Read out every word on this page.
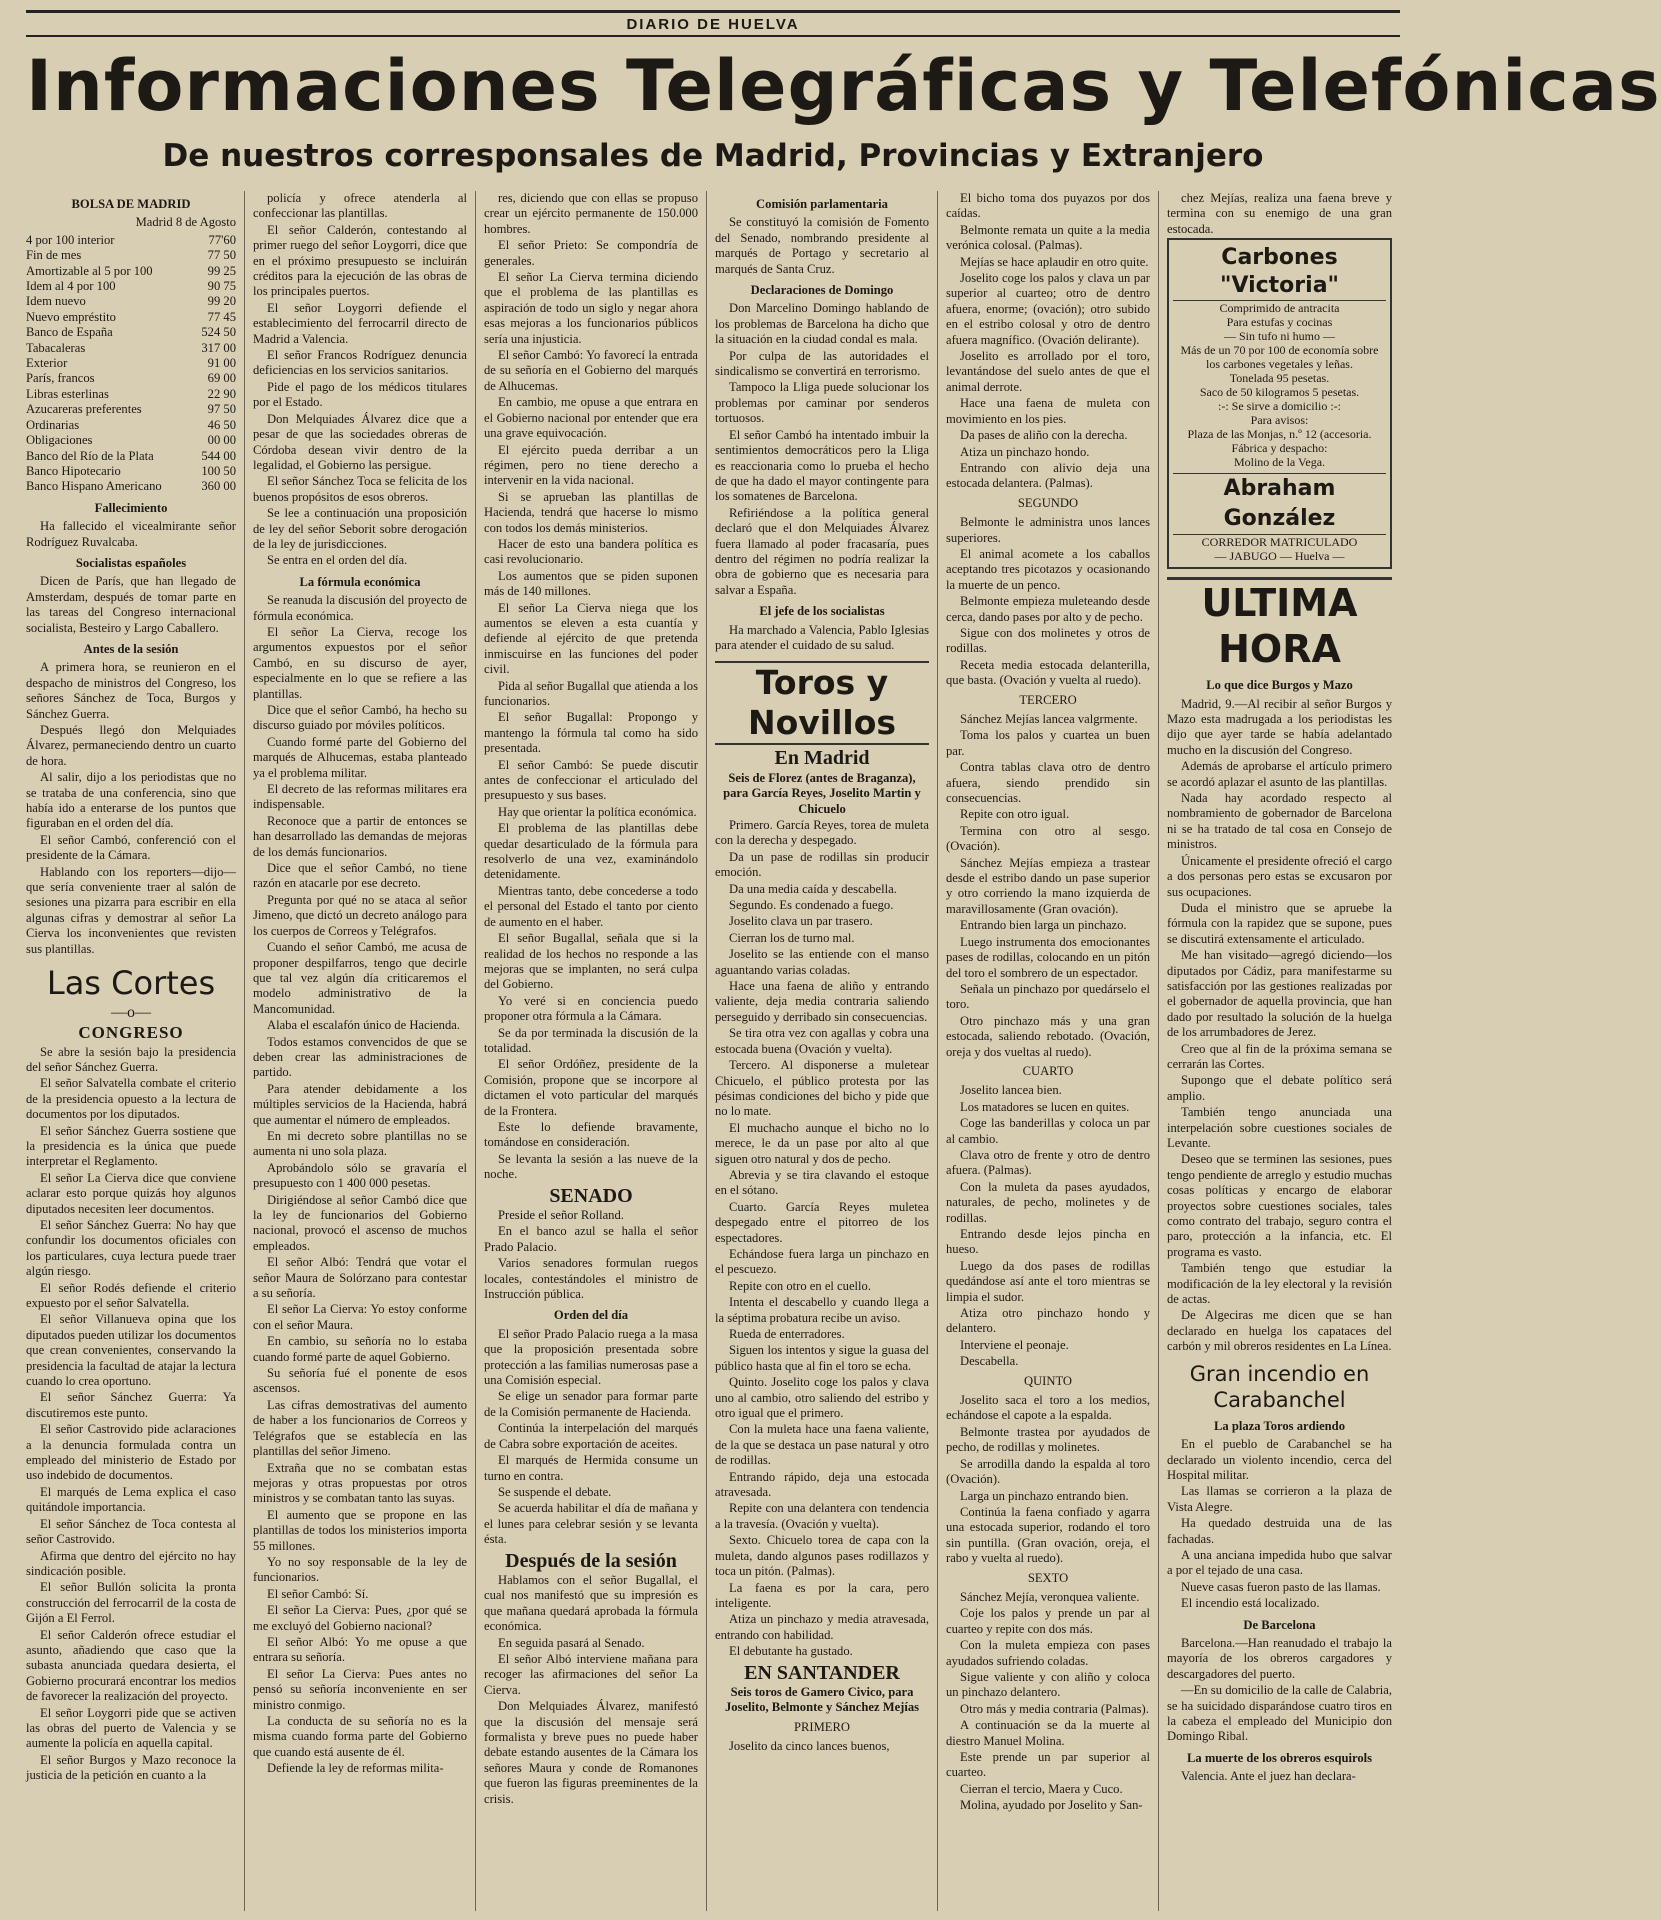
DIARIO DE HUELVA
Informaciones Telegráficas y Telefónicas
De nuestros corresponsales de Madrid, Provincias y Extranjero
BOLSA DE MADRID
Madrid 8 de Agosto
4 por 100 interior	77'60
Fin de mes	77 50
Amortizable al 5 por 100	99 25
Idem al 4 por 100	90 75
Idem nuevo	99 20
Nuevo empréstito	77 45
Banco de España	524 50
Tabacaleras	317 00
Exterior	91 00
París, francos	69 00
Libras esterlinas	22 90
Azucareras preferentes	97 50
Ordinarias	46 50
Obligaciones	00 00
Banco del Río de la Plata	544 00
Banco Hipotecario	100 50
Banco Hispano Americano	360 00
Fallecimiento

Ha fallecido el vicealmirante señor Rodríguez Ruvalcaba.

Socialistas españoles

Dicen de París, que han llegado de Amsterdam, después de tomar parte en las tareas del Congreso internacional socialista, Besteiro y Largo Caballero.

Antes de la sesión

A primera hora, se reunieron en el despacho de ministros del Congreso, los señores Sánchez de Toca, Burgos y Sánchez Guerra.

Después llegó don Melquiades Álvarez, permaneciendo dentro un cuarto de hora.

Al salir, dijo a los periodistas que no se trataba de una conferencia, sino que había ido a enterarse de los puntos que figuraban en el orden del día.

El señor Cambó, conferenció con el presidente de la Cámara.

Hablando con los reporters—dijo—que sería conveniente traer al salón de sesiones una pizarra para escribir en ella algunas cifras y demostrar al señor La Cierva los inconvenientes que revisten sus plantillas.

Las Cortes
—o—
CONGRESO

Se abre la sesión bajo la presidencia del señor Sánchez Guerra.

El señor Salvatella combate el criterio de la presidencia opuesto a la lectura de documentos por los diputados.

El señor Sánchez Guerra sostiene que la presidencia es la única que puede interpretar el Reglamento.

El señor La Cierva dice que conviene aclarar esto porque quizás hoy algunos diputados necesiten leer documentos.

El señor Sánchez Guerra: No hay que confundir los documentos oficiales con los particulares, cuya lectura puede traer algún riesgo.

El señor Rodés defiende el criterio expuesto por el señor Salvatella.

El señor Villanueva opina que los diputados pueden utilizar los documentos que crean convenientes, conservando la presidencia la facultad de atajar la lectura cuando lo crea oportuno.

El señor Sánchez Guerra: Ya discutiremos este punto.

El señor Castrovido pide aclaraciones a la denuncia formulada contra un empleado del ministerio de Estado por uso indebido de documentos.

El marqués de Lema explica el caso quitándole importancia.

El señor Sánchez de Toca contesta al señor Castrovido.

Afirma que dentro del ejército no hay sindicación posible.

El señor Bullón solicita la pronta construcción del ferrocarril de la costa de Gijón a El Ferrol.

El señor Calderón ofrece estudiar el asunto, añadiendo que caso que la subasta anunciada quedara desierta, el Gobierno procurará encontrar los medios de favorecer la realización del proyecto.

El señor Loygorri pide que se activen las obras del puerto de Valencia y se aumente la policía en aquella capital.

El señor Burgos y Mazo reconoce la justicia de la petición en cuanto a la

policía y ofrece atenderla al confeccionar las plantillas.

El señor Calderón, contestando al primer ruego del señor Loygorri, dice que en el próximo presupuesto se incluirán créditos para la ejecución de las obras de los principales puertos.

El señor Loygorri defiende el establecimiento del ferrocarril directo de Madrid a Valencia.

El señor Francos Rodríguez denuncia deficiencias en los servicios sanitarios.

Pide el pago de los médicos titulares por el Estado.

Don Melquiades Álvarez dice que a pesar de que las sociedades obreras de Córdoba desean vivir dentro de la legalidad, el Gobierno las persigue.

El señor Sánchez Toca se felicita de los buenos propósitos de esos obreros.

Se lee a continuación una proposición de ley del señor Seborit sobre derogación de la ley de jurisdicciones.

Se entra en el orden del día.

La fórmula económica

Se reanuda la discusión del proyecto de fórmula económica.

El señor La Cierva, recoge los argumentos expuestos por el señor Cambó, en su discurso de ayer, especialmente en lo que se refiere a las plantillas.

Dice que el señor Cambó, ha hecho su discurso guiado por móviles políticos.

Cuando formé parte del Gobierno del marqués de Alhucemas, estaba planteado ya el problema militar.

El decreto de las reformas militares era indispensable.

Reconoce que a partir de entonces se han desarrollado las demandas de mejoras de los demás funcionarios.

Dice que el señor Cambó, no tiene razón en atacarle por ese decreto.

Pregunta por qué no se ataca al señor Jimeno, que dictó un decreto análogo para los cuerpos de Correos y Telégrafos.

Cuando el señor Cambó, me acusa de proponer despilfarros, tengo que decirle que tal vez algún día criticaremos el modelo administrativo de la Mancomunidad.

Alaba el escalafón único de Hacienda.

Todos estamos convencidos de que se deben crear las administraciones de partido.

Para atender debidamente a los múltiples servicios de la Hacienda, habrá que aumentar el número de empleados.

En mi decreto sobre plantillas no se aumenta ni uno sola plaza.

Aprobándolo sólo se gravaría el presupuesto con 1 400 000 pesetas.

Dirigiéndose al señor Cambó dice que la ley de funcionarios del Gobierno nacional, provocó el ascenso de muchos empleados.

El señor Albó: Tendrá que votar el señor Maura de Solórzano para contestar a su señoría.

El señor La Cierva: Yo estoy conforme con el señor Maura.

En cambio, su señoría no lo estaba cuando formé parte de aquel Gobierno.

Su señoría fué el ponente de esos ascensos.

Las cifras demostrativas del aumento de haber a los funcionarios de Correos y Telégrafos que se establecía en las plantillas del señor Jimeno.

Extraña que no se combatan estas mejoras y otras propuestas por otros ministros y se combatan tanto las suyas.

El aumento que se propone en las plantillas de todos los ministerios importa 55 millones.

Yo no soy responsable de la ley de funcionarios.

El señor Cambó: Sí.

El señor La Cierva: Pues, ¿por qué se me excluyó del Gobierno nacional?

El señor Albó: Yo me opuse a que entrara su señoría.

El señor La Cierva: Pues antes no pensó su señoría inconveniente en ser ministro conmigo.

La conducta de su señoría no es la misma cuando forma parte del Gobierno que cuando está ausente de él.

Defiende la ley de reformas milita-

res, diciendo que con ellas se propuso crear un ejército permanente de 150.000 hombres.

El señor Prieto: Se compondría de generales.

El señor La Cierva termina diciendo que el problema de las plantillas es aspiración de todo un siglo y negar ahora esas mejoras a los funcionarios públicos sería una injusticia.

El señor Cambó: Yo favorecí la entrada de su señoría en el Gobierno del marqués de Alhucemas.

En cambio, me opuse a que entrara en el Gobierno nacional por entender que era una grave equivocación.

El ejército pueda derribar a un régimen, pero no tiene derecho a intervenir en la vida nacional.

Si se aprueban las plantillas de Hacienda, tendrá que hacerse lo mismo con todos los demás ministerios.

Hacer de esto una bandera política es casi revolucionario.

Los aumentos que se piden suponen más de 140 millones.

El señor La Cierva niega que los aumentos se eleven a esta cuantía y defiende al ejército de que pretenda inmiscuirse en las funciones del poder civil.

Pida al señor Bugallal que atienda a los funcionarios.

El señor Bugallal: Propongo y mantengo la fórmula tal como ha sido presentada.

El señor Cambó: Se puede discutir antes de confeccionar el articulado del presupuesto y sus bases.

Hay que orientar la política económica.

El problema de las plantillas debe quedar desarticulado de la fórmula para resolverlo de una vez, examinándolo detenidamente.

Mientras tanto, debe concederse a todo el personal del Estado el tanto por ciento de aumento en el haber.

El señor Bugallal, señala que si la realidad de los hechos no responde a las mejoras que se implanten, no será culpa del Gobierno.

Yo veré si en conciencia puedo proponer otra fórmula a la Cámara.

Se da por terminada la discusión de la totalidad.

El señor Ordóñez, presidente de la Comisión, propone que se incorpore al dictamen el voto particular del marqués de la Frontera.

Este lo defiende bravamente, tomándose en consideración.

Se levanta la sesión a las nueve de la noche.

SENADO

Preside el señor Rolland.

En el banco azul se halla el señor Prado Palacio.

Varios senadores formulan ruegos locales, contestándoles el ministro de Instrucción pública.

Orden del día

El señor Prado Palacio ruega a la masa que la proposición presentada sobre protección a las familias numerosas pase a una Comisión especial.

Se elige un senador para formar parte de la Comisión permanente de Hacienda.

Continúa la interpelación del marqués de Cabra sobre exportación de aceites.

El marqués de Hermida consume un turno en contra.

Se suspende el debate.

Se acuerda habilitar el día de mañana y el lunes para celebrar sesión y se levanta ésta.

Después de la sesión

Hablamos con el señor Bugallal, el cual nos manifestó que su impresión es que mañana quedará aprobada la fórmula económica.

En seguida pasará al Senado.

El señor Albó interviene mañana para recoger las afirmaciones del señor La Cierva.

Don Melquiades Álvarez, manifestó que la discusión del mensaje será formalista y breve pues no puede haber debate estando ausentes de la Cámara los señores Maura y conde de Romanones que fueron las figuras preeminentes de la crisis.

Comisión parlamentaria

Se constituyó la comisión de Fomento del Senado, nombrando presidente al marqués de Portago y secretario al marqués de Santa Cruz.

Declaraciones de Domingo

Don Marcelino Domingo hablando de los problemas de Barcelona ha dicho que la situación en la ciudad condal es mala.

Por culpa de las autoridades el sindicalismo se convertirá en terrorismo.

Tampoco la Lliga puede solucionar los problemas por caminar por senderos tortuosos.

El señor Cambó ha intentado imbuir la sentimientos democráticos pero la Lliga es reaccionaria como lo prueba el hecho de que ha dado el mayor contingente para los somatenes de Barcelona.

Refiriéndose a la política general declaró que el don Melquiades Álvarez fuera llamado al poder fracasaría, pues dentro del régimen no podría realizar la obra de gobierno que es necesaria para salvar a España.

El jefe de los socialistas

Ha marchado a Valencia, Pablo Iglesias para atender el cuidado de su salud.

Toros y Novillos
En Madrid

Seis de Florez (antes de Braganza), para García Reyes, Joselito Martin y Chicuelo

Primero. García Reyes, torea de muleta con la derecha y despegado.

Da un pase de rodillas sin producir emoción.

Da una media caída y descabella.

Segundo. Es condenado a fuego.

Joselito clava un par trasero.

Cierran los de turno mal.

Joselito se las entiende con el manso aguantando varias coladas.

Hace una faena de aliño y entrando valiente, deja media contraria saliendo perseguido y derribado sin consecuencias.

Se tira otra vez con agallas y cobra una estocada buena (Ovación y vuelta).

Tercero. Al disponerse a muletear Chicuelo, el público protesta por las pésimas condiciones del bicho y pide que no lo mate.

El muchacho aunque el bicho no lo merece, le da un pase por alto al que siguen otro natural y dos de pecho.

Abrevia y se tira clavando el estoque en el sótano.

Cuarto. García Reyes muletea despegado entre el pitorreo de los espectadores.

Echándose fuera larga un pinchazo en el pescuezo.

Repite con otro en el cuello.

Intenta el descabello y cuando llega a la séptima probatura recibe un aviso.

Rueda de enterradores.

Siguen los intentos y sigue la guasa del público hasta que al fin el toro se echa.

Quinto. Joselito coge los palos y clava uno al cambio, otro saliendo del estribo y otro igual que el primero.

Con la muleta hace una faena valiente, de la que se destaca un pase natural y otro de rodillas.

Entrando rápido, deja una estocada atravesada.

Repite con una delantera con tendencia a la travesía. (Ovación y vuelta).

Sexto. Chicuelo torea de capa con la muleta, dando algunos pases rodillazos y toca un pitón. (Palmas).

La faena es por la cara, pero inteligente.

Atiza un pinchazo y media atravesada, entrando con habilidad.

El debutante ha gustado.

EN SANTANDER

Seis toros de Gamero Civico, para Joselito, Belmonte y Sánchez Mejías

PRIMERO

Joselito da cinco lances buenos,

El bicho toma dos puyazos por dos caídas.

Belmonte remata un quite a la media verónica colosal. (Palmas).

Mejías se hace aplaudir en otro quite.

Joselito coge los palos y clava un par superior al cuarteo; otro de dentro afuera, enorme; (ovación); otro subido en el estribo colosal y otro de dentro afuera magnífico. (Ovación delirante).

Joselito es arrollado por el toro, levantándose del suelo antes de que el animal derrote.

Hace una faena de muleta con movimiento en los pies.

Da pases de aliño con la derecha.

Atiza un pinchazo hondo.

Entrando con alivio deja una estocada delantera. (Palmas).

SEGUNDO

Belmonte le administra unos lances superiores.

El animal acomete a los caballos aceptando tres picotazos y ocasionando la muerte de un penco.

Belmonte empieza muleteando desde cerca, dando pases por alto y de pecho.

Sigue con dos molinetes y otros de rodillas.

Receta media estocada delanterilla, que basta. (Ovación y vuelta al ruedo).

TERCERO

Sánchez Mejías lancea valgrmente.

Toma los palos y cuartea un buen par.

Contra tablas clava otro de dentro afuera, siendo prendido sin consecuencias.

Repite con otro igual.

Termina con otro al sesgo. (Ovación).

Sánchez Mejías empieza a trastear desde el estribo dando un pase superior y otro corriendo la mano izquierda de maravillosamente (Gran ovación).

Entrando bien larga un pinchazo.

Luego instrumenta dos emocionantes pases de rodillas, colocando en un pitón del toro el sombrero de un espectador.

Señala un pinchazo por quedárselo el toro.

Otro pinchazo más y una gran estocada, saliendo rebotado. (Ovación, oreja y dos vueltas al ruedo).

CUARTO

Joselito lancea bien.

Los matadores se lucen en quites.

Coge las banderillas y coloca un par al cambio.

Clava otro de frente y otro de dentro afuera. (Palmas).

Con la muleta da pases ayudados, naturales, de pecho, molinetes y de rodillas.

Entrando desde lejos pincha en hueso.

Luego da dos pases de rodillas quedándose así ante el toro mientras se limpia el sudor.

Atiza otro pinchazo hondo y delantero.

Interviene el peonaje.

Descabella.

QUINTO

Joselito saca el toro a los medios, echándose el capote a la espalda.

Belmonte trastea por ayudados de pecho, de rodillas y molinetes.

Se arrodilla dando la espalda al toro (Ovación).

Larga un pinchazo entrando bien.

Continúa la faena confiado y agarra una estocada superior, rodando el toro sin puntilla. (Gran ovación, oreja, el rabo y vuelta al ruedo).

SEXTO

Sánchez Mejía, veronquea valiente.

Coje los palos y prende un par al cuarteo y repite con dos más.

Con la muleta empieza con pases ayudados sufriendo coladas.

Sigue valiente y con aliño y coloca un pinchazo delantero.

Otro más y media contraria (Palmas).

A continuación se da la muerte al diestro Manuel Molina.

Este prende un par superior al cuarteo.

Cierran el tercio, Maera y Cuco.

Molina, ayudado por Joselito y San-

chez Mejías, realiza una faena breve y termina con su enemigo de una gran estocada.

Carbones "Victoria"
Comprimido de antracita
Para estufas y cocinas
— Sin tufo ni humo —
Más de un 70 por 100 de economía sobre los carbones vegetales y leñas.
Tonelada 95 pesetas.
Saco de 50 kilogramos 5 pesetas.
:-: Se sirve a domicilio :-:
Para avisos:
Plaza de las Monjas, n.º 12 (accesoria.
Fábrica y despacho:
Molino de la Vega.
Abraham González
CORREDOR MATRICULADO
— JABUGO — Huelva —
ULTIMA HORA
Lo que dice Burgos y Mazo

Madrid, 9.—Al recibir al señor Burgos y Mazo esta madrugada a los periodistas les dijo que ayer tarde se había adelantado mucho en la discusión del Congreso.

Además de aprobarse el artículo primero se acordó aplazar el asunto de las plantillas.

Nada hay acordado respecto al nombramiento de gobernador de Barcelona ni se ha tratado de tal cosa en Consejo de ministros.

Únicamente el presidente ofreció el cargo a dos personas pero estas se excusaron por sus ocupaciones.

Duda el ministro que se apruebe la fórmula con la rapidez que se supone, pues se discutirá extensamente el articulado.

Me han visitado—agregó diciendo—los diputados por Cádiz, para manifestarme su satisfacción por las gestiones realizadas por el gobernador de aquella provincia, que han dado por resultado la solución de la huelga de los arrumbadores de Jerez.

Creo que al fin de la próxima semana se cerrarán las Cortes.

Supongo que el debate político será amplio.

También tengo anunciada una interpelación sobre cuestiones sociales de Levante.

Deseo que se terminen las sesiones, pues tengo pendiente de arreglo y estudio muchas cosas políticas y encargo de elaborar proyectos sobre cuestiones sociales, tales como contrato del trabajo, seguro contra el paro, protección a la infancia, etc. El programa es vasto.

También tengo que estudiar la modificación de la ley electoral y la revisión de actas.

De Algeciras me dicen que se han declarado en huelga los capataces del carbón y mil obreros residentes en La Línea.

Gran incendio en Carabanchel
La plaza Toros ardiendo

En el pueblo de Carabanchel se ha declarado un violento incendio, cerca del Hospital militar.

Las llamas se corrieron a la plaza de Vista Alegre.

Ha quedado destruida una de las fachadas.

A una anciana impedida hubo que salvar a por el tejado de una casa.

Nueve casas fueron pasto de las llamas.

El incendio está localizado.

De Barcelona

Barcelona.—Han reanudado el trabajo la mayoría de los obreros cargadores y descargadores del puerto.

—En su domicilio de la calle de Calabria, se ha suicidado disparándose cuatro tiros en la cabeza el empleado del Municipio don Domingo Ribal.

La muerte de los obreros esquirols

Valencia. Ante el juez han declara-
